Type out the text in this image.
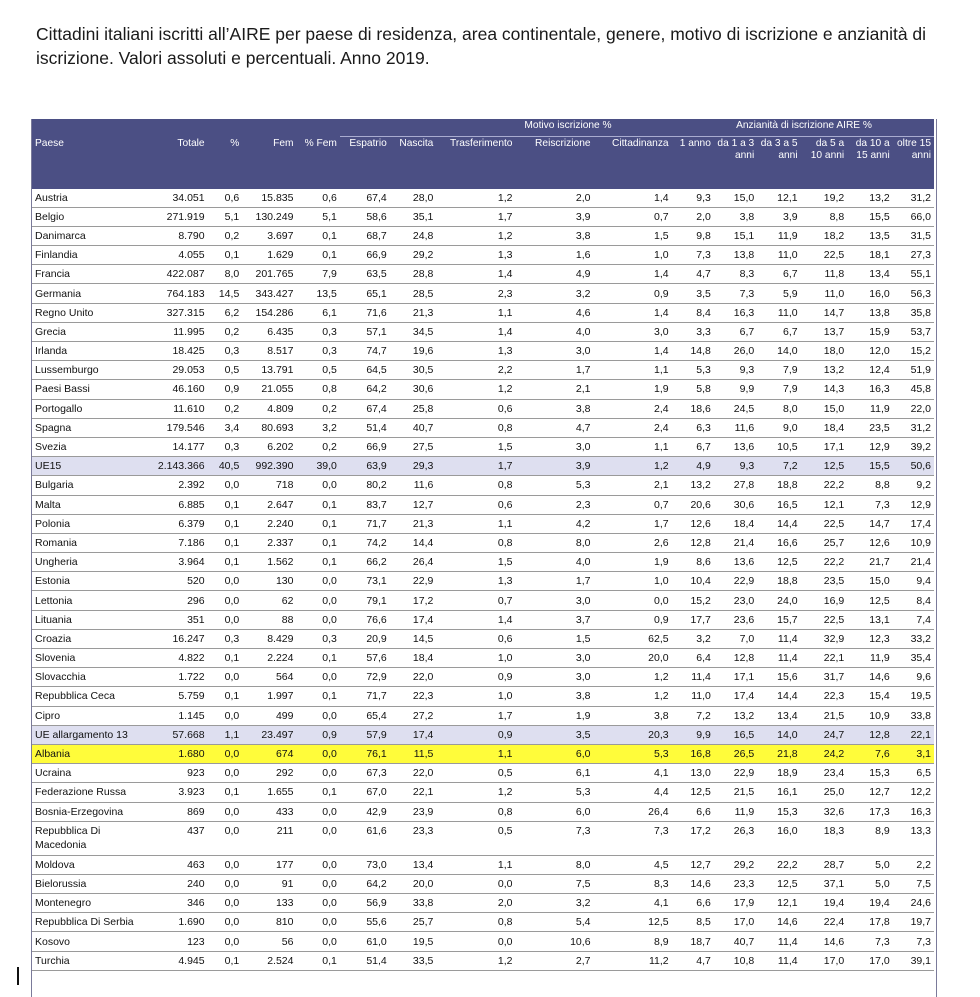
Cittadini italiani iscritti all’AIRE per paese di residenza, area continentale, genere, motivo di iscrizione e anzianità di iscrizione. Valori assoluti e percentuali. Anno 2019.
					Motivo iscrizione %					Anzianità di iscrizione AIRE %					
Paese	Totale	%	Fem	% Fem	Espatrio	Nascita	Trasferimento	Reiscrizione	Cittadinanza	1 anno	da 1 a 3 anni	da 3 a 5 anni	da 5 a 10 anni	da 10 a 15 anni	oltre 15 anni
Austria	34.051	0,6	15.835	0,6	67,4	28,0	1,2	2,0	1,4	9,3	15,0	12,1	19,2	13,2	31,2
Belgio	271.919	5,1	130.249	5,1	58,6	35,1	1,7	3,9	0,7	2,0	3,8	3,9	8,8	15,5	66,0
Danimarca	8.790	0,2	3.697	0,1	68,7	24,8	1,2	3,8	1,5	9,8	15,1	11,9	18,2	13,5	31,5
Finlandia	4.055	0,1	1.629	0,1	66,9	29,2	1,3	1,6	1,0	7,3	13,8	11,0	22,5	18,1	27,3
Francia	422.087	8,0	201.765	7,9	63,5	28,8	1,4	4,9	1,4	4,7	8,3	6,7	11,8	13,4	55,1
Germania	764.183	14,5	343.427	13,5	65,1	28,5	2,3	3,2	0,9	3,5	7,3	5,9	11,0	16,0	56,3
Regno Unito	327.315	6,2	154.286	6,1	71,6	21,3	1,1	4,6	1,4	8,4	16,3	11,0	14,7	13,8	35,8
Grecia	11.995	0,2	6.435	0,3	57,1	34,5	1,4	4,0	3,0	3,3	6,7	6,7	13,7	15,9	53,7
Irlanda	18.425	0,3	8.517	0,3	74,7	19,6	1,3	3,0	1,4	14,8	26,0	14,0	18,0	12,0	15,2
Lussemburgo	29.053	0,5	13.791	0,5	64,5	30,5	2,2	1,7	1,1	5,3	9,3	7,9	13,2	12,4	51,9
Paesi Bassi	46.160	0,9	21.055	0,8	64,2	30,6	1,2	2,1	1,9	5,8	9,9	7,9	14,3	16,3	45,8
Portogallo	11.610	0,2	4.809	0,2	67,4	25,8	0,6	3,8	2,4	18,6	24,5	8,0	15,0	11,9	22,0
Spagna	179.546	3,4	80.693	3,2	51,4	40,7	0,8	4,7	2,4	6,3	11,6	9,0	18,4	23,5	31,2
Svezia	14.177	0,3	6.202	0,2	66,9	27,5	1,5	3,0	1,1	6,7	13,6	10,5	17,1	12,9	39,2
UE15	2.143.366	40,5	992.390	39,0	63,9	29,3	1,7	3,9	1,2	4,9	9,3	7,2	12,5	15,5	50,6
Bulgaria	2.392	0,0	718	0,0	80,2	11,6	0,8	5,3	2,1	13,2	27,8	18,8	22,2	8,8	9,2
Malta	6.885	0,1	2.647	0,1	83,7	12,7	0,6	2,3	0,7	20,6	30,6	16,5	12,1	7,3	12,9
Polonia	6.379	0,1	2.240	0,1	71,7	21,3	1,1	4,2	1,7	12,6	18,4	14,4	22,5	14,7	17,4
Romania	7.186	0,1	2.337	0,1	74,2	14,4	0,8	8,0	2,6	12,8	21,4	16,6	25,7	12,6	10,9
Ungheria	3.964	0,1	1.562	0,1	66,2	26,4	1,5	4,0	1,9	8,6	13,6	12,5	22,2	21,7	21,4
Estonia	520	0,0	130	0,0	73,1	22,9	1,3	1,7	1,0	10,4	22,9	18,8	23,5	15,0	9,4
Lettonia	296	0,0	62	0,0	79,1	17,2	0,7	3,0	0,0	15,2	23,0	24,0	16,9	12,5	8,4
Lituania	351	0,0	88	0,0	76,6	17,4	1,4	3,7	0,9	17,7	23,6	15,7	22,5	13,1	7,4
Croazia	16.247	0,3	8.429	0,3	20,9	14,5	0,6	1,5	62,5	3,2	7,0	11,4	32,9	12,3	33,2
Slovenia	4.822	0,1	2.224	0,1	57,6	18,4	1,0	3,0	20,0	6,4	12,8	11,4	22,1	11,9	35,4
Slovacchia	1.722	0,0	564	0,0	72,9	22,0	0,9	3,0	1,2	11,4	17,1	15,6	31,7	14,6	9,6
Repubblica Ceca	5.759	0,1	1.997	0,1	71,7	22,3	1,0	3,8	1,2	11,0	17,4	14,4	22,3	15,4	19,5
Cipro	1.145	0,0	499	0,0	65,4	27,2	1,7	1,9	3,8	7,2	13,2	13,4	21,5	10,9	33,8
UE allargamento 13	57.668	1,1	23.497	0,9	57,9	17,4	0,9	3,5	20,3	9,9	16,5	14,0	24,7	12,8	22,1
Albania	1.680	0,0	674	0,0	76,1	11,5	1,1	6,0	5,3	16,8	26,5	21,8	24,2	7,6	3,1
Ucraina	923	0,0	292	0,0	67,3	22,0	0,5	6,1	4,1	13,0	22,9	18,9	23,4	15,3	6,5
Federazione Russa	3.923	0,1	1.655	0,1	67,0	22,1	1,2	5,3	4,4	12,5	21,5	16,1	25,0	12,7	12,2
Bosnia-Erzegovina	869	0,0	433	0,0	42,9	23,9	0,8	6,0	26,4	6,6	11,9	15,3	32,6	17,3	16,3
Repubblica Di Macedonia	437	0,0	211	0,0	61,6	23,3	0,5	7,3	7,3	17,2	26,3	16,0	18,3	8,9	13,3
Moldova	463	0,0	177	0,0	73,0	13,4	1,1	8,0	4,5	12,7	29,2	22,2	28,7	5,0	2,2
Bielorussia	240	0,0	91	0,0	64,2	20,0	0,0	7,5	8,3	14,6	23,3	12,5	37,1	5,0	7,5
Montenegro	346	0,0	133	0,0	56,9	33,8	2,0	3,2	4,1	6,6	17,9	12,1	19,4	19,4	24,6
Repubblica Di Serbia	1.690	0,0	810	0,0	55,6	25,7	0,8	5,4	12,5	8,5	17,0	14,6	22,4	17,8	19,7
Kosovo	123	0,0	56	0,0	61,0	19,5	0,0	10,6	8,9	18,7	40,7	11,4	14,6	7,3	7,3
Turchia	4.945	0,1	2.524	0,1	51,4	33,5	1,2	2,7	11,2	4,7	10,8	11,4	17,0	17,0	39,1
